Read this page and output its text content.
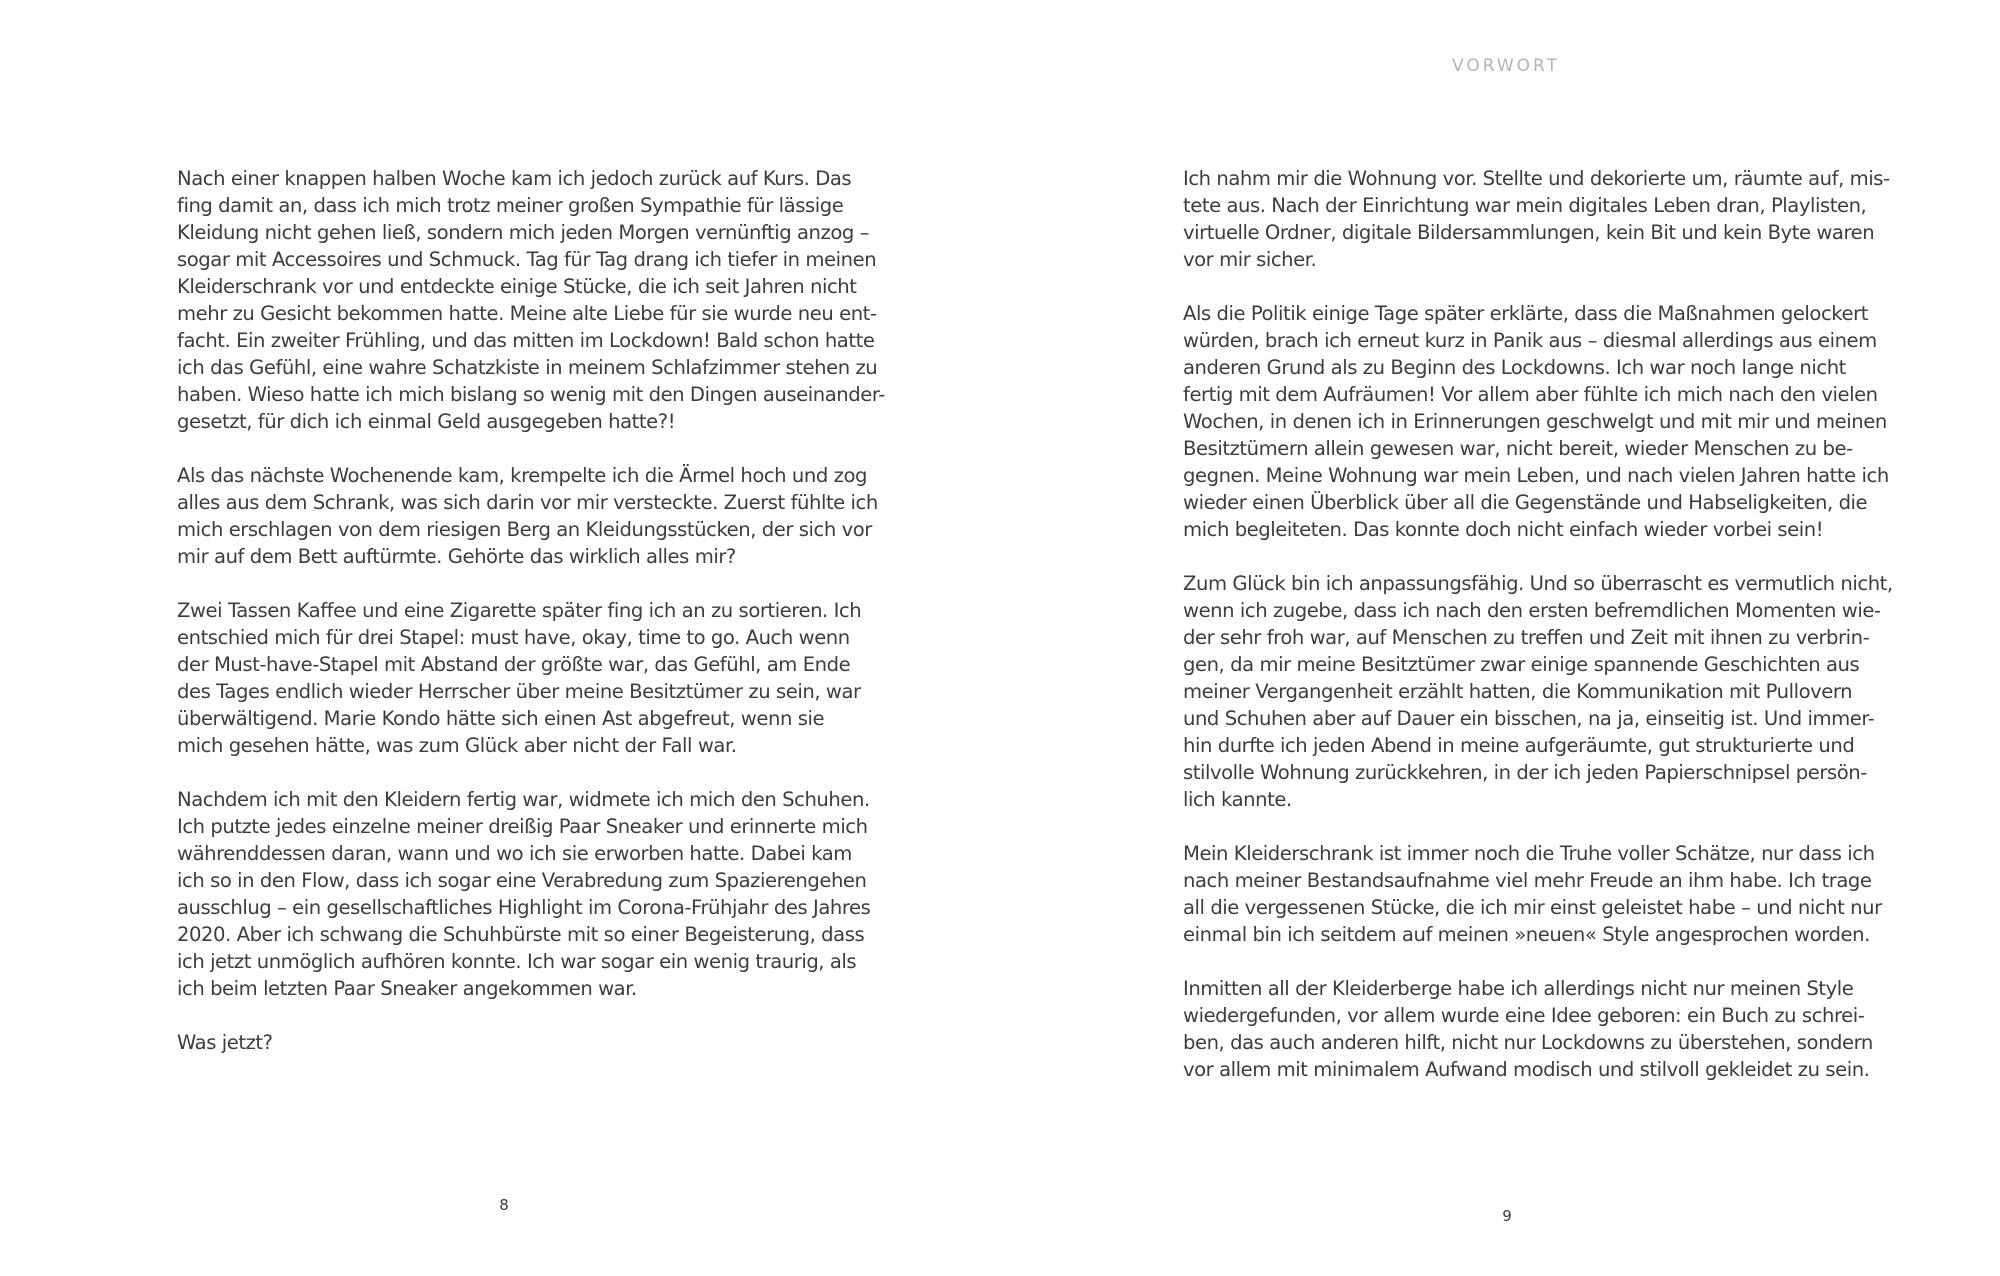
VORWORT

Nach einer knappen halben Woche kam ich jedoch zurück auf Kurs. Das
fing damit an, dass ich mich trotz meiner großen Sympathie für lässige
Kleidung nicht gehen ließ, sondern mich jeden Morgen vernünftig anzog –
sogar mit Accessoires und Schmuck. Tag für Tag drang ich tiefer in meinen
Kleiderschrank vor und entdeckte einige Stücke, die ich seit Jahren nicht
mehr zu Gesicht bekommen hatte. Meine alte Liebe für sie wurde neu ent-
facht. Ein zweiter Frühling, und das mitten im Lockdown! Bald schon hatte
ich das Gefühl, eine wahre Schatzkiste in meinem Schlafzimmer stehen zu
haben. Wieso hatte ich mich bislang so wenig mit den Dingen auseinander-
gesetzt, für dich ich einmal Geld ausgegeben hatte?!

Als das nächste Wochenende kam, krempelte ich die Ärmel hoch und zog
alles aus dem Schrank, was sich darin vor mir versteckte. Zuerst fühlte ich
mich erschlagen von dem riesigen Berg an Kleidungsstücken, der sich vor
mir auf dem Bett auftürmte. Gehörte das wirklich alles mir?

Zwei Tassen Kaffee und eine Zigarette später fing ich an zu sortieren. Ich
entschied mich für drei Stapel: must have, okay, time to go. Auch wenn
der Must-have-Stapel mit Abstand der größte war, das Gefühl, am Ende
des Tages endlich wieder Herrscher über meine Besitztümer zu sein, war
überwältigend. Marie Kondo hätte sich einen Ast abgefreut, wenn sie
mich gesehen hätte, was zum Glück aber nicht der Fall war.

Nachdem ich mit den Kleidern fertig war, widmete ich mich den Schuhen.
Ich putzte jedes einzelne meiner dreißig Paar Sneaker und erinnerte mich
währenddessen daran, wann und wo ich sie erworben hatte. Dabei kam
ich so in den Flow, dass ich sogar eine Verabredung zum Spazierengehen
ausschlug – ein gesellschaftliches Highlight im Corona-Frühjahr des Jahres
2020. Aber ich schwang die Schuhbürste mit so einer Begeisterung, dass
ich jetzt unmöglich aufhören konnte. Ich war sogar ein wenig traurig, als
ich beim letzten Paar Sneaker angekommen war.

Was jetzt?

Ich nahm mir die Wohnung vor. Stellte und dekorierte um, räumte auf, mis-
tete aus. Nach der Einrichtung war mein digitales Leben dran, Playlisten,
virtuelle Ordner, digitale Bildersammlungen, kein Bit und kein Byte waren
vor mir sicher.

Als die Politik einige Tage später erklärte, dass die Maßnahmen gelockert
würden, brach ich erneut kurz in Panik aus – diesmal allerdings aus einem
anderen Grund als zu Beginn des Lockdowns. Ich war noch lange nicht
fertig mit dem Aufräumen! Vor allem aber fühlte ich mich nach den vielen
Wochen, in denen ich in Erinnerungen geschwelgt und mit mir und meinen
Besitztümern allein gewesen war, nicht bereit, wieder Menschen zu be-
gegnen. Meine Wohnung war mein Leben, und nach vielen Jahren hatte ich
wieder einen Überblick über all die Gegenstände und Habseligkeiten, die
mich begleiteten. Das konnte doch nicht einfach wieder vorbei sein!

Zum Glück bin ich anpassungsfähig. Und so überrascht es vermutlich nicht,
wenn ich zugebe, dass ich nach den ersten befremdlichen Momenten wie-
der sehr froh war, auf Menschen zu treffen und Zeit mit ihnen zu verbrin-
gen, da mir meine Besitztümer zwar einige spannende Geschichten aus
meiner Vergangenheit erzählt hatten, die Kommunikation mit Pullovern
und Schuhen aber auf Dauer ein bisschen, na ja, einseitig ist. Und immer-
hin durfte ich jeden Abend in meine aufgeräumte, gut strukturierte und
stilvolle Wohnung zurückkehren, in der ich jeden Papierschnipsel persön-
lich kannte.

Mein Kleiderschrank ist immer noch die Truhe voller Schätze, nur dass ich
nach meiner Bestandsaufnahme viel mehr Freude an ihm habe. Ich trage
all die vergessenen Stücke, die ich mir einst geleistet habe – und nicht nur
einmal bin ich seitdem auf meinen »neuen« Style angesprochen worden.

Inmitten all der Kleiderberge habe ich allerdings nicht nur meinen Style
wiedergefunden, vor allem wurde eine Idee geboren: ein Buch zu schrei-
ben, das auch anderen hilft, nicht nur Lockdowns zu überstehen, sondern
vor allem mit minimalem Aufwand modisch und stilvoll gekleidet zu sein.

8
9
